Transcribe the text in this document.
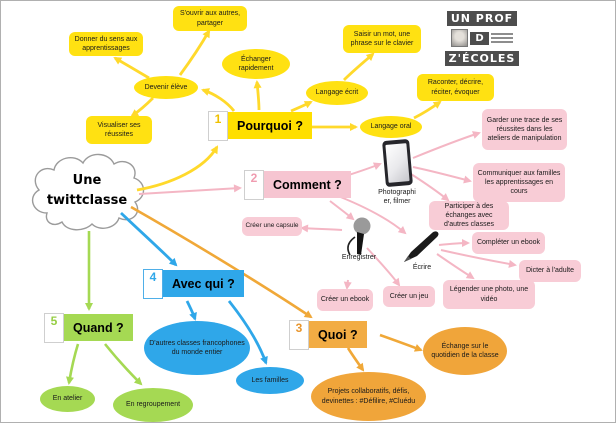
Une twittclasse
1	Pourquoi ?
S'ouvrir aux autres, partager
Donner du sens aux apprentissages
Échanger rapidement
Devenir élève
Visualiser ses réussites
Saisir un mot, une phrase sur le clavier
Raconter, décrire, réciter, évoquer
Langage écrit
Langage oral
2	Comment ?
Photographier, filmer
Enregistrer
Écrire
Garder une trace de ses réussites dans les ateliers de manipulation
Communiquer aux familles les apprentissages en cours
Participer à des échanges avec d'autres classes
Créer une capsule
Compléter un ebook
Dicter à l'adulte
Légender une photo, une vidéo
Créer un ebook	Créer un jeu
3	Quoi ?
Échange sur le quotidien de la classe
Projets collaboratifs, défis, devinettes : #Défilire, #Cluédu
4	Avec qui ?
D'autres classes francophones du monde entier
Les familles
5	Quand ?
En atelier
En regroupement
UN PROF
D
Z'ÉCOLES
